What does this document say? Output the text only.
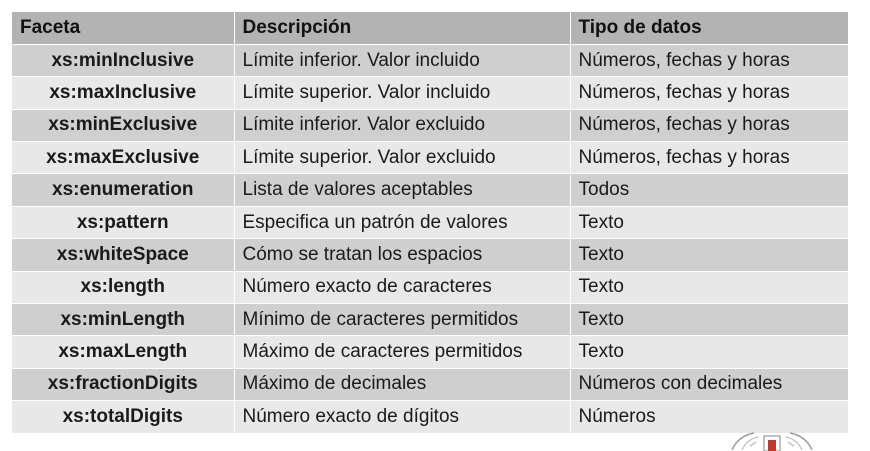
Faceta	Descripción	Tipo de datos
xs:minInclusive	Límite inferior. Valor incluido	Números, fechas y horas
xs:maxInclusive	Límite superior. Valor incluido	Números, fechas y horas
xs:minExclusive	Límite inferior. Valor excluido	Números, fechas y horas
xs:maxExclusive	Límite superior. Valor excluido	Números, fechas y horas
xs:enumeration	Lista de valores aceptables	Todos
xs:pattern	Especifica un patrón de valores	Texto
xs:whiteSpace	Cómo se tratan los espacios	Texto
xs:length	Número exacto de caracteres	Texto
xs:minLength	Mínimo de caracteres permitidos	Texto
xs:maxLength	Máximo de caracteres permitidos	Texto
xs:fractionDigits	Máximo de decimales	Números con decimales
xs:totalDigits	Número exacto de dígitos	Números
